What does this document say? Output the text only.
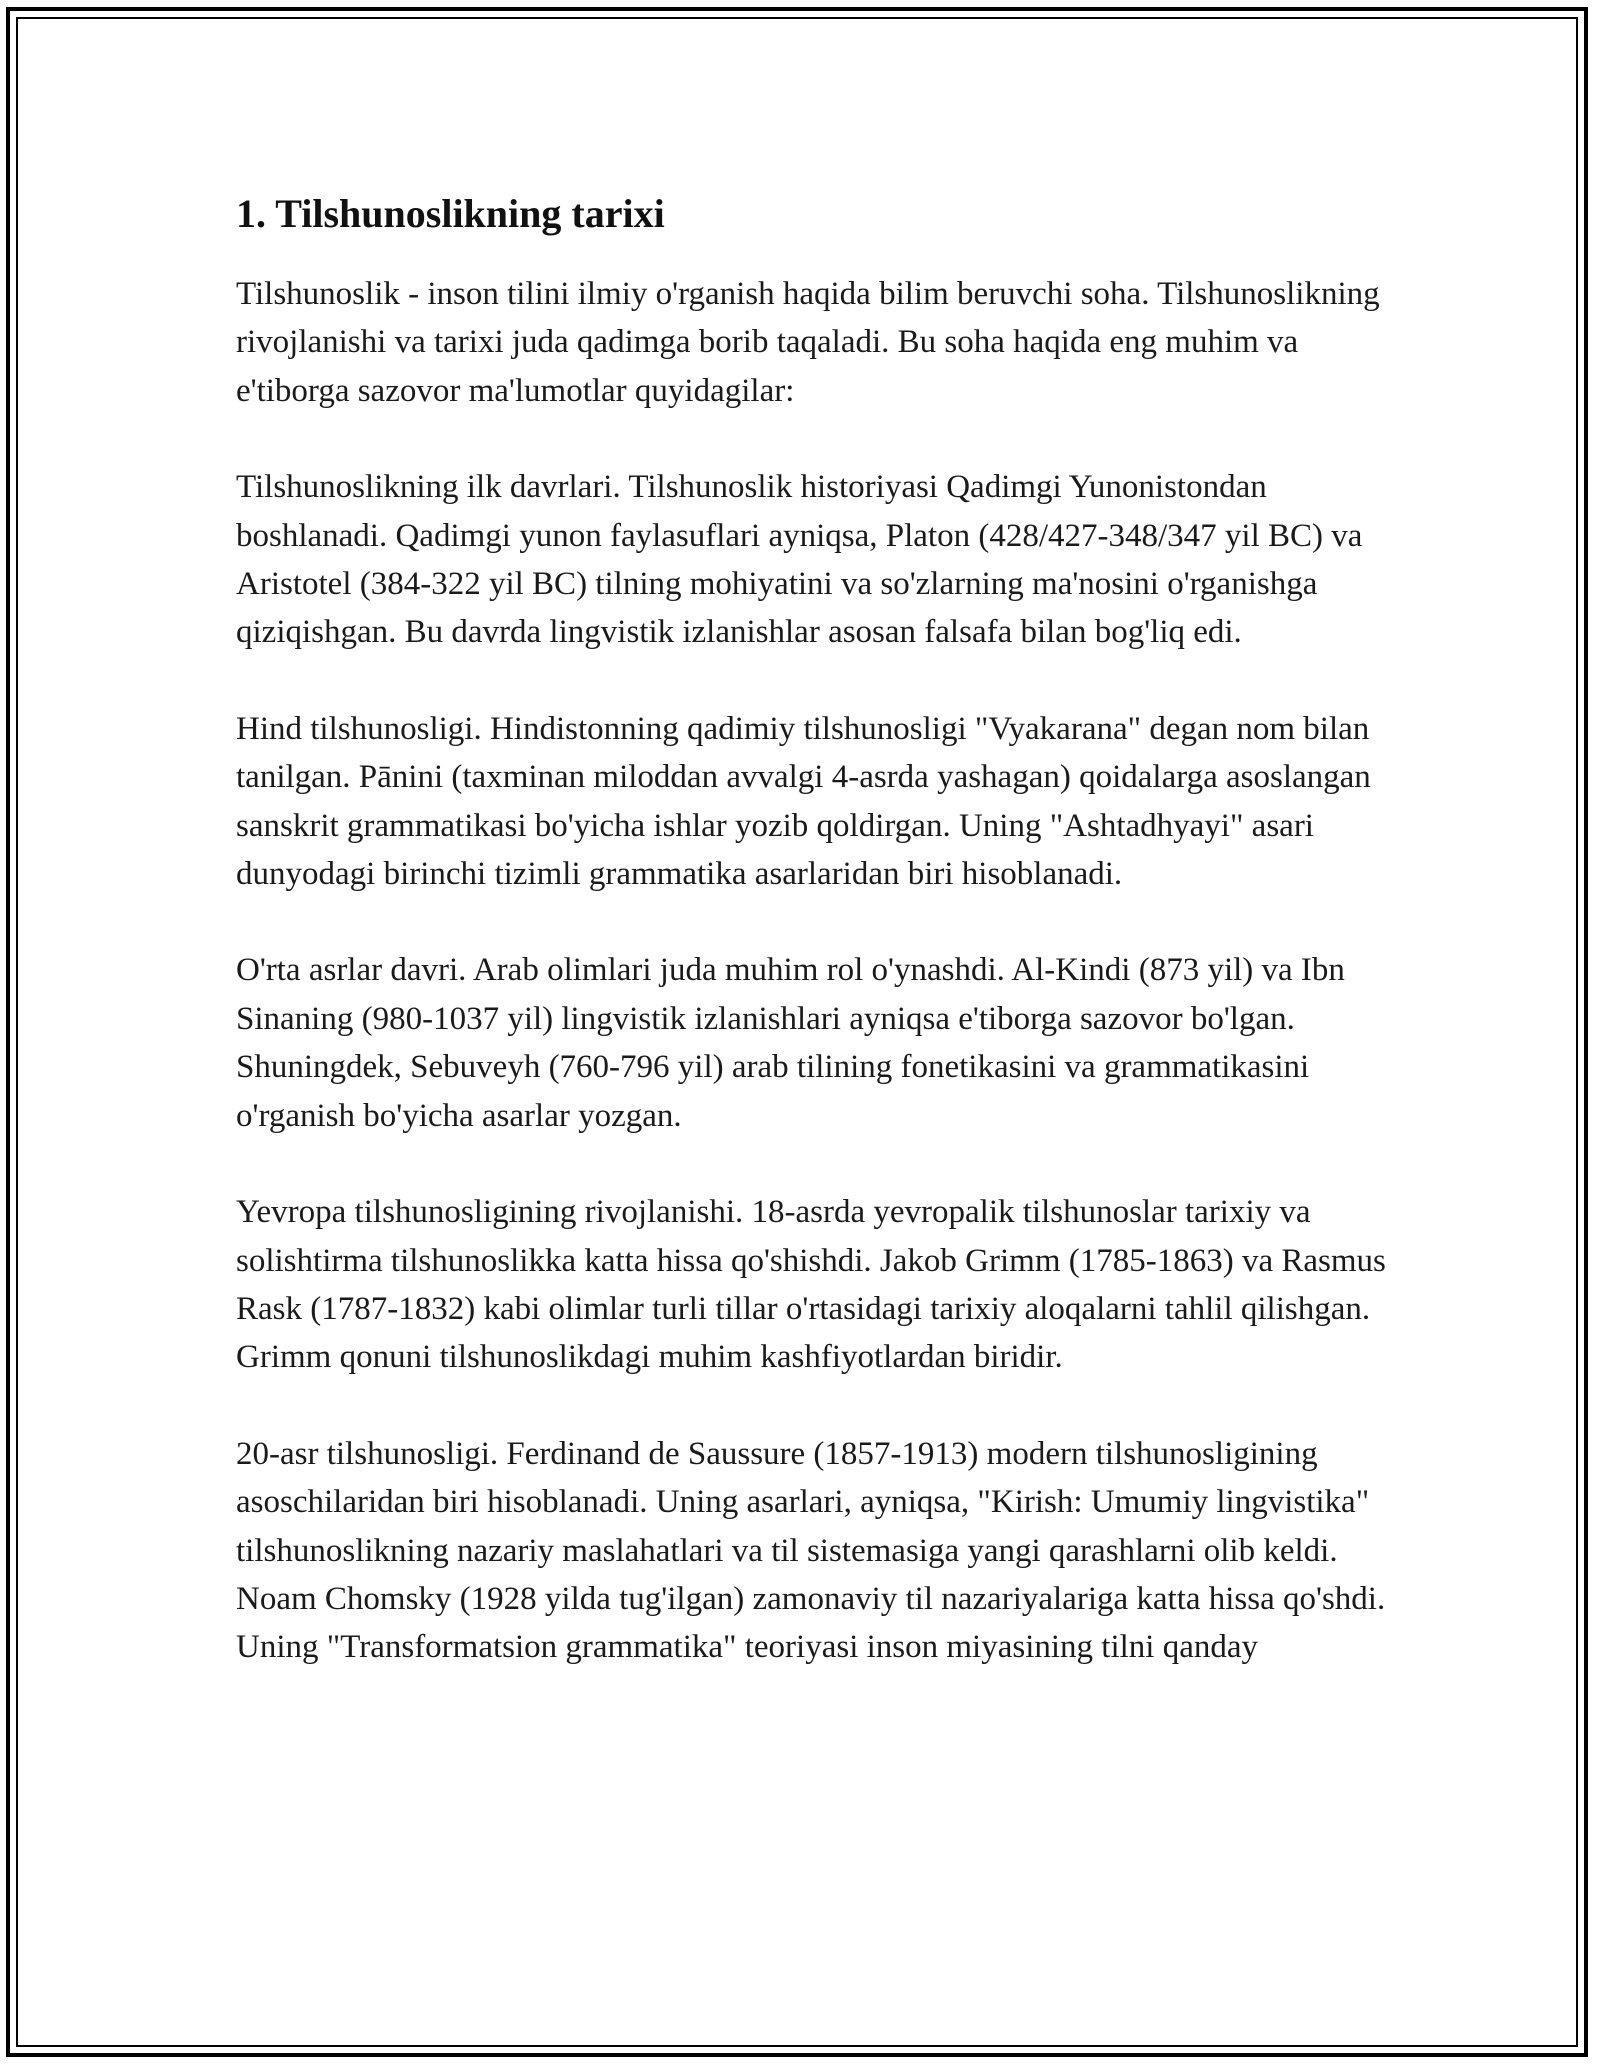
1. Tilshunoslikning tarixi

Tilshunoslik - inson tilini ilmiy o'rganish haqida bilim beruvchi soha. Tilshunoslikning rivojlanishi va tarixi juda qadimga borib taqaladi. Bu soha haqida eng muhim va e'tiborga sazovor ma'lumotlar quyidagilar:

Tilshunoslikning ilk davrlari. Tilshunoslik historiyasi Qadimgi Yunonistondan boshlanadi. Qadimgi yunon faylasuflari ayniqsa, Platon (428/427-348/347 yil BC) va Aristotel (384-322 yil BC) tilning mohiyatini va so'zlarning ma'nosini o'rganishga qiziqishgan. Bu davrda lingvistik izlanishlar asosan falsafa bilan bog'liq edi.

Hind tilshunosligi. Hindistonning qadimiy tilshunosligi "Vyakarana" degan nom bilan tanilgan. Pānini (taxminan miloddan avvalgi 4-asrda yashagan) qoidalarga asoslangan sanskrit grammatikasi bo'yicha ishlar yozib qoldirgan. Uning "Ashtadhyayi" asari dunyodagi birinchi tizimli grammatika asarlaridan biri hisoblanadi.

O'rta asrlar davri. Arab olimlari juda muhim rol o'ynashdi. Al-Kindi (873 yil) va Ibn Sinaning (980-1037 yil) lingvistik izlanishlari ayniqsa e'tiborga sazovor bo'lgan. Shuningdek, Sebuveyh (760-796 yil) arab tilining fonetikasini va grammatikasini o'rganish bo'yicha asarlar yozgan.

Yevropa tilshunosligining rivojlanishi. 18-asrda yevropalik tilshunoslar tarixiy va solishtirma tilshunoslikka katta hissa qo'shishdi. Jakob Grimm (1785-1863) va Rasmus Rask (1787-1832) kabi olimlar turli tillar o'rtasidagi tarixiy aloqalarni tahlil qilishgan. Grimm qonuni tilshunoslikdagi muhim kashfiyotlardan biridir.

20-asr tilshunosligi. Ferdinand de Saussure (1857-1913) modern tilshunosligining asoschilaridan biri hisoblanadi. Uning asarlari, ayniqsa, "Kirish: Umumiy lingvistika" tilshunoslikning nazariy maslahatlari va til sistemasiga yangi qarashlarni olib keldi. Noam Chomsky (1928 yilda tug'ilgan) zamonaviy til nazariyalariga katta hissa qo'shdi. Uning "Transformatsion grammatika" teoriyasi inson miyasining tilni qanday
